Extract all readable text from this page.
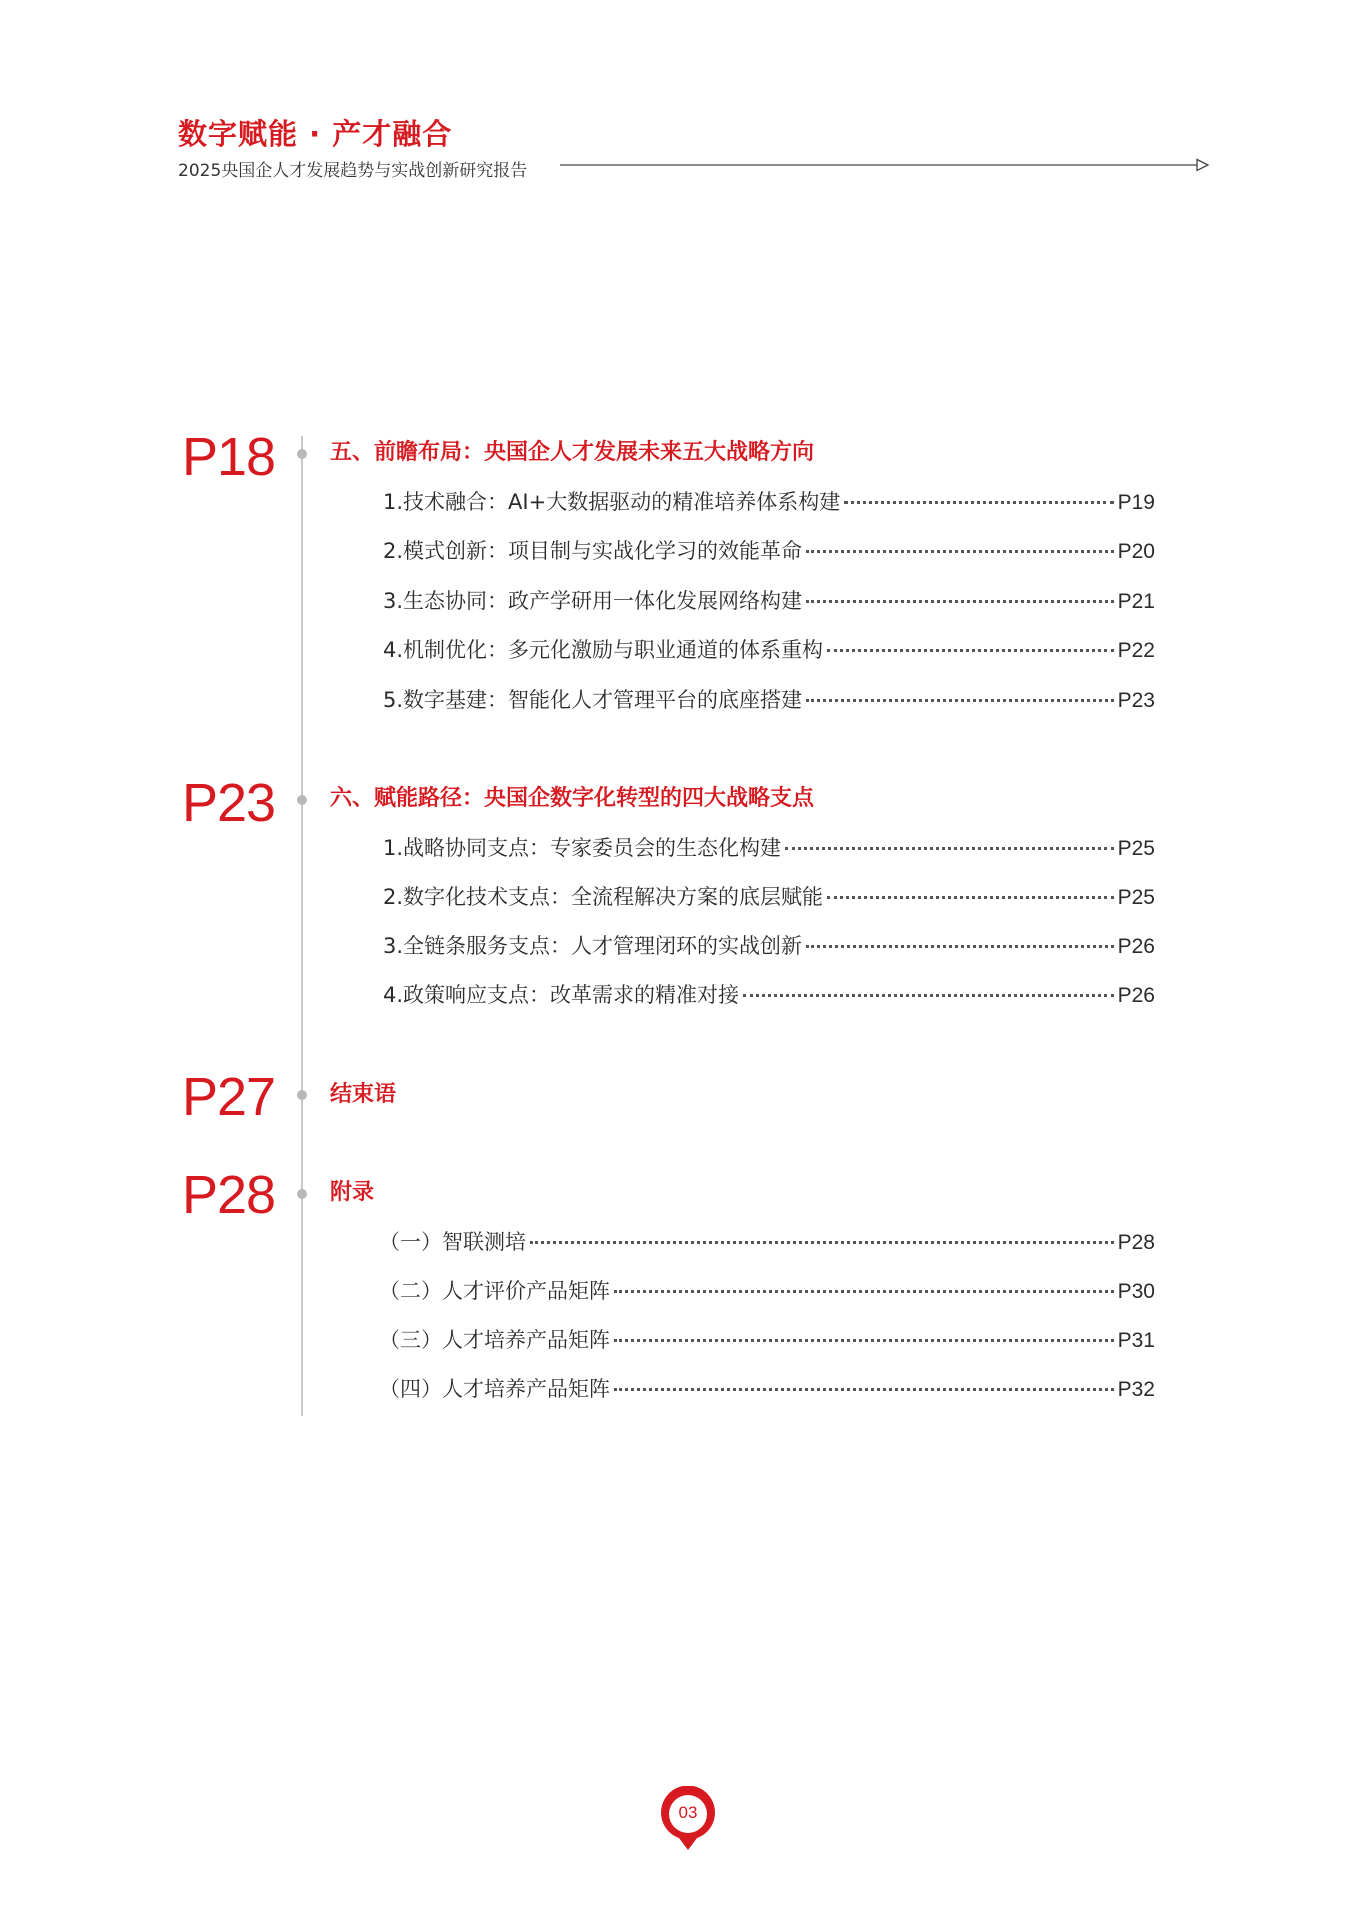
数字赋能 · 产才融合
2025央国企人才发展趋势与实战创新研究报告
P18 五、前瞻布局：央国企人才发展未来五大战略方向
1.技术融合：AI+大数据驱动的精准培养体系构建	P19
2.模式创新：项目制与实战化学习的效能革命	P20
3.生态协同：政产学研用一体化发展网络构建	P21
4.机制优化：多元化激励与职业通道的体系重构	P22
5.数字基建：智能化人才管理平台的底座搭建	P23
P23 六、赋能路径：央国企数字化转型的四大战略支点
1.战略协同支点：专家委员会的生态化构建	P25
2.数字化技术支点：全流程解决方案的底层赋能	P25
3.全链条服务支点：人才管理闭环的实战创新	P26
4.政策响应支点：改革需求的精准对接	P26
P27 结束语
P28 附录
（一）智联测培	P28
（二）人才评价产品矩阵	P30
（三）人才培养产品矩阵	P31
（四）人才培养产品矩阵	P32
03
